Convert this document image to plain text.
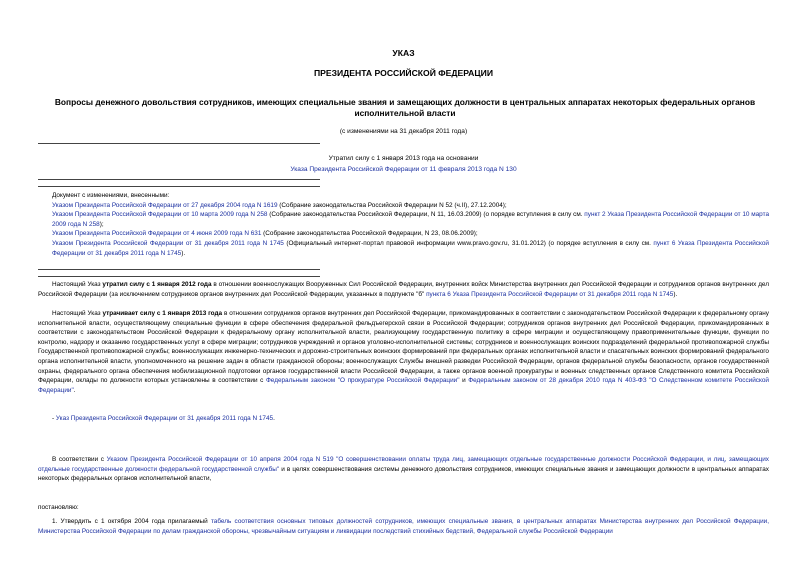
УКАЗ
ПРЕЗИДЕНТА РОССИЙСКОЙ ФЕДЕРАЦИИ
Вопросы денежного довольствия сотрудников, имеющих специальные звания и замещающих должности в центральных аппаратах некоторых федеральных органов исполнительной власти
(с изменениями на 31 декабря 2011 года)
Утратил силу с 1 января 2013 года на основании
Указа Президента Российской Федерации от 11 февраля 2013 года N 130

Документ с изменениями, внесенными:

Указом Президента Российской Федерации от 27 декабря 2004 года N 1619 (Собрание законодательства Российской Федерации N 52 (ч.II), 27.12.2004);

Указом Президента Российской Федерации от 10 марта 2009 года N 258 (Собрание законодательства Российской Федерации, N 11, 16.03.2009) (о порядке вступления в силу см. пункт 2 Указа Президента Российской Федерации от 10 марта 2009 года N 258);

Указом Президента Российской Федерации от 4 июня 2009 года N 631 (Собрание законодательства Российской Федерации, N 23, 08.06.2009);

Указом Президента Российской Федерации от 31 декабря 2011 года N 1745 (Официальный интернет-портал правовой информации www.pravo.gov.ru, 31.01.2012) (о порядке вступления в силу см. пункт 6 Указа Президента Российской Федерации от 31 декабря 2011 года N 1745).

Настоящий Указ утратил силу с 1 января 2012 года в отношении военнослужащих Вооруженных Сил Российской Федерации, внутренних войск Министерства внутренних дел Российской Федерации и сотрудников органов внутренних дел Российской Федерации (за исключением сотрудников органов внутренних дел Российской Федерации, указанных в подпункте "б" пункта 6 Указа Президента Российской Федерации от 31 декабря 2011 года N 1745).
Настоящий Указ утрачивает силу с 1 января 2013 года в отношении сотрудников органов внутренних дел Российской Федерации, прикомандированных в соответствии с законодательством Российской Федерации к федеральному органу исполнительной власти, осуществляющему специальные функции в сфере обеспечения федеральной фельдъегерской связи в Российской Федерации; сотрудников органов внутренних дел Российской Федерации, прикомандированных в соответствии с законодательством Российской Федерации к федеральному органу исполнительной власти, реализующему государственную политику в сфере миграции и осуществляющему правоприменительные функции, функции по контролю, надзору и оказанию государственных услуг в сфере миграции; сотрудников учреждений и органов уголовно-исполнительной системы; сотрудников и военнослужащих воинских подразделений федеральной противопожарной службы Государственной противопожарной службы; военнослужащих инженерно-технических и дорожно-строительных воинских формирований при федеральных органах исполнительной власти и спасательных воинских формирований федерального органа исполнительной власти, уполномоченного на решение задач в области гражданской обороны; военнослужащих Службы внешней разведки Российской Федерации, органов федеральной службы безопасности, органов государственной охраны, федерального органа обеспечения мобилизационной подготовки органов государственной власти Российской Федерации, а также органов военной прокуратуры и военных следственных органов Следственного комитета Российской Федерации, оклады по должности которых установлены в соответствии с Федеральным законом "О прокуратуре Российской Федерации" и Федеральным законом от 28 декабря 2010 года N 403-ФЗ "О Следственном комитете Российской Федерации".
- Указ Президента Российской Федерации от 31 декабря 2011 года N 1745.
В соответствии с Указом Президента Российской Федерации от 10 апреля 2004 года N 519 "О совершенствовании оплаты труда лиц, замещающих отдельные государственные должности Российской Федерации, и лиц, замещающих отдельные государственные должности федеральной государственной службы" и в целях совершенствования системы денежного довольствия сотрудников, имеющих специальные звания и замещающих должности в центральных аппаратах некоторых федеральных органов исполнительной власти,
постановляю:
1. Утвердить с 1 октября 2004 года прилагаемый табель соответствия основных типовых должностей сотрудников, имеющих специальные звания, в центральных аппаратах Министерства внутренних дел Российской Федерации, Министерства Российской Федерации по делам гражданской обороны, чрезвычайным ситуациям и ликвидации последствий стихийных бедствий, Федеральной службы Российской Федерации
